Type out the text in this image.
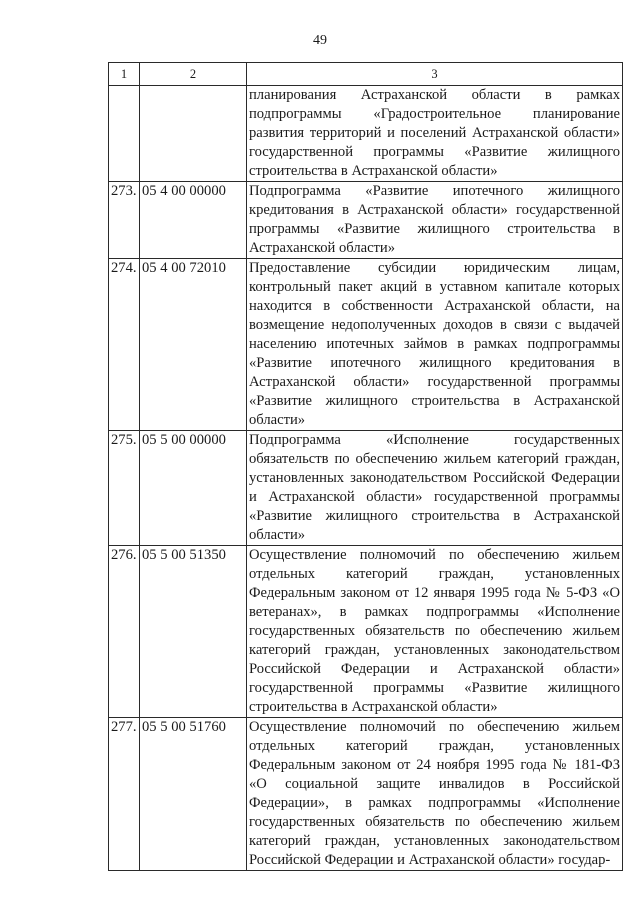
49
1	2	3
		планирования Астраханской области в рамках подпрограммы «Градостроительное планирование развития территорий и поселений Астраханской области» государственной программы «Развитие жилищного строительства в Астраханской области»
273.	05 4 00 00000	Подпрограмма «Развитие ипотечного жилищного кредитования в Астраханской области» государственной программы «Развитие жилищного строительства в Астраханской области»
274.	05 4 00 72010	Предоставление субсидии юридическим лицам, контрольный пакет акций в уставном капитале которых находится в собственности Астраханской области, на возмещение недополученных доходов в связи с выдачей населению ипотечных займов в рамках подпрограммы «Развитие ипотечного жилищного кредитования в Астраханской области» государственной программы «Развитие жилищного строительства в Астраханской области»
275.	05 5 00 00000	Подпрограмма «Исполнение государственных обязательств по обеспечению жильем категорий граждан, установленных законодательством Российской Федерации и Астраханской области» государственной программы «Развитие жилищного строительства в Астраханской области»
276.	05 5 00 51350	Осуществление полномочий по обеспечению жильем отдельных категорий граждан, установленных Федеральным законом от 12 января 1995 года № 5-ФЗ «О ветеранах», в рамках подпрограммы «Исполнение государственных обязательств по обеспечению жильем категорий граждан, установленных законодательством Российской Федерации и Астраханской области» государственной программы «Развитие жилищного строительства в Астраханской области»
277.	05 5 00 51760	Осуществление полномочий по обеспечению жильем отдельных категорий граждан, установленных Федеральным законом от 24 ноября 1995 года № 181-ФЗ «О социальной защите инвалидов в Российской Федерации», в рамках подпрограммы «Исполнение государственных обязательств по обеспечению жильем категорий граждан, установленных законодательством Российской Федерации и Астраханской области» государ-
